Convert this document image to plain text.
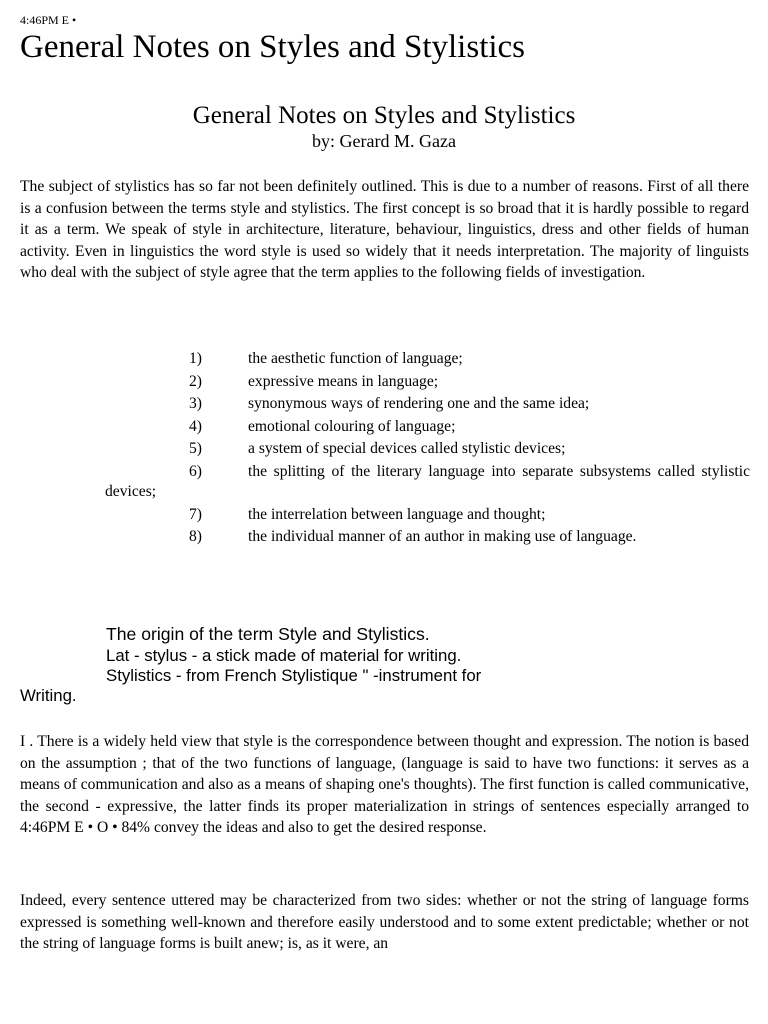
4:46PM E •
General Notes on Styles and Stylistics
General Notes on Styles and Stylistics
by: Gerard M. Gaza

The subject of stylistics has so far not been definitely outlined. This is due to a number of reasons. First of all there is a confusion between the terms style and stylistics. The first concept is so broad that it is hardly possible to regard it as a term. We speak of style in architecture, literature, behaviour, linguistics, dress and other fields of human activity. Even in linguistics the word style is used so widely that it needs interpretation. The majority of linguists who deal with the subject of style agree that the term applies to the following fields of investigation.

1)	the aesthetic function of language;
2)	expressive means in language;
3)	synonymous ways of rendering one and the same idea;
4)	emotional colouring of language;
5)	a system of special devices called stylistic devices;
6)	the splitting of the literary language into separate subsystems called stylistic devices;
7)	the interrelation between language and thought;
8)	the individual manner of an author in making use of language.
The origin of the term Style and Stylistics.
Lat - stylus - a stick made of material for writing.
Stylistics - from French Stylistique " -instrument for
Writing.

I . There is a widely held view that style is the correspondence between thought and expression. The notion is based on the assumption ; that of the two functions of language, (language is said to have two functions: it serves as a means of communication and also as a means of shaping one's thoughts). The first function is called communicative, the second - expressive, the latter finds its proper materialization in strings of sentences especially arranged to 4:46PM E • O • 84% convey the ideas and also to get the desired response.

Indeed, every sentence uttered may be characterized from two sides: whether or not the string of language forms expressed is something well-known and therefore easily understood and to some extent predictable; whether or not the string of language forms is built anew; is, as it were, an
